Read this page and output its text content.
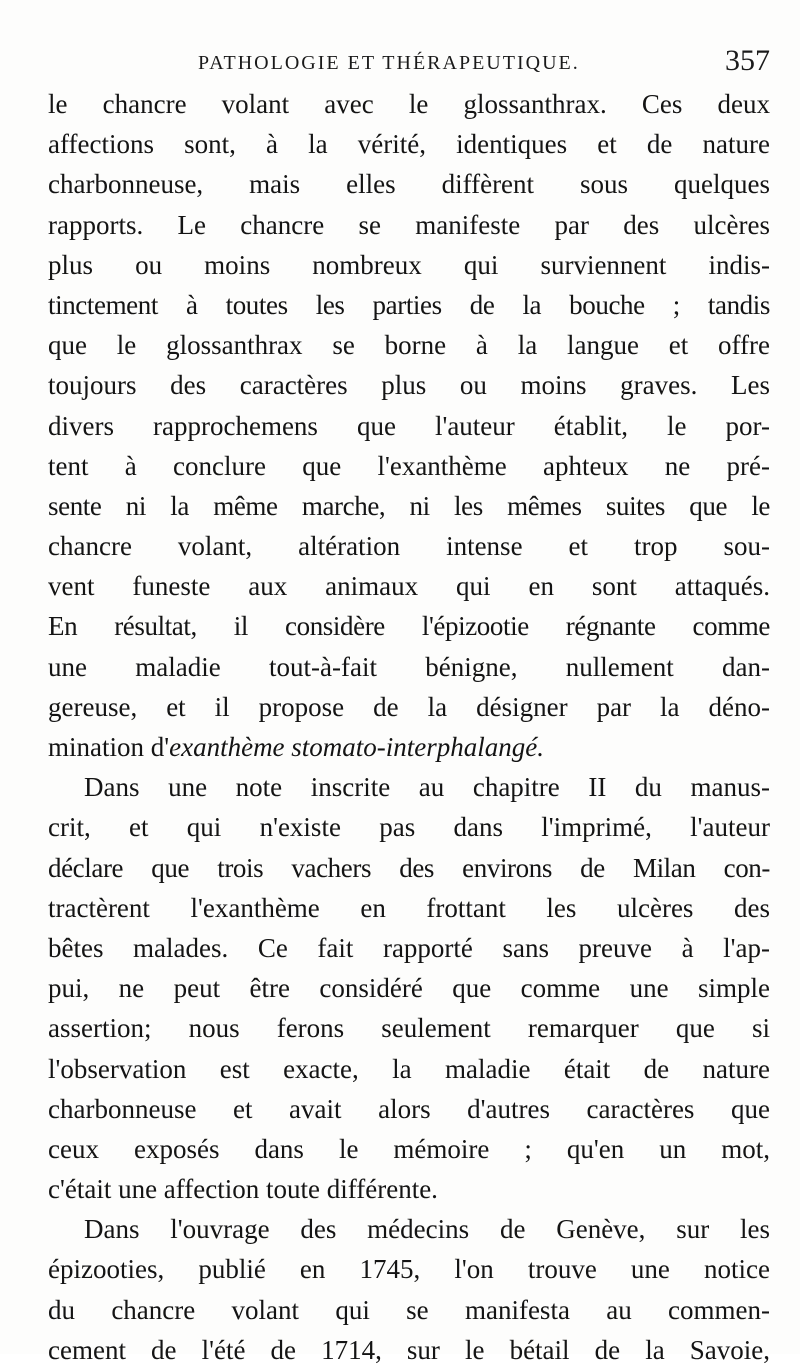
PATHOLOGIE ET THÉRAPEUTIQUE.	357
le chancre volant avec le glossanthrax. Ces deux
affections sont, à la vérité, identiques et de nature
charbonneuse, mais elles diffèrent sous quelques
rapports. Le chancre se manifeste par des ulcères
plus ou moins nombreux qui surviennent indis-
tinctement à toutes les parties de la bouche ; tandis
que le glossanthrax se borne à la langue et offre
toujours des caractères plus ou moins graves. Les
divers rapprochemens que l'auteur établit, le por-
tent à conclure que l'exanthème aphteux ne pré-
sente ni la même marche, ni les mêmes suites que le
chancre volant, altération intense et trop sou-
vent funeste aux animaux qui en sont attaqués.
En résultat, il considère l'épizootie régnante comme
une maladie tout-à-fait bénigne, nullement dan-
gereuse, et il propose de la désigner par la déno-
mination d'exanthème stomato-interphalangé.
Dans une note inscrite au chapitre II du manus-
crit, et qui n'existe pas dans l'imprimé, l'auteur
déclare que trois vachers des environs de Milan con-
tractèrent l'exanthème en frottant les ulcères des
bêtes malades. Ce fait rapporté sans preuve à l'ap-
pui, ne peut être considéré que comme une simple
assertion; nous ferons seulement remarquer que si
l'observation est exacte, la maladie était de nature
charbonneuse et avait alors d'autres caractères que
ceux exposés dans le mémoire ; qu'en un mot,
c'était une affection toute différente.
Dans l'ouvrage des médecins de Genève, sur les
épizooties, publié en 1745, l'on trouve une notice
du chancre volant qui se manifesta au commen-
cement de l'été de 1714, sur le bétail de la Savoie,
